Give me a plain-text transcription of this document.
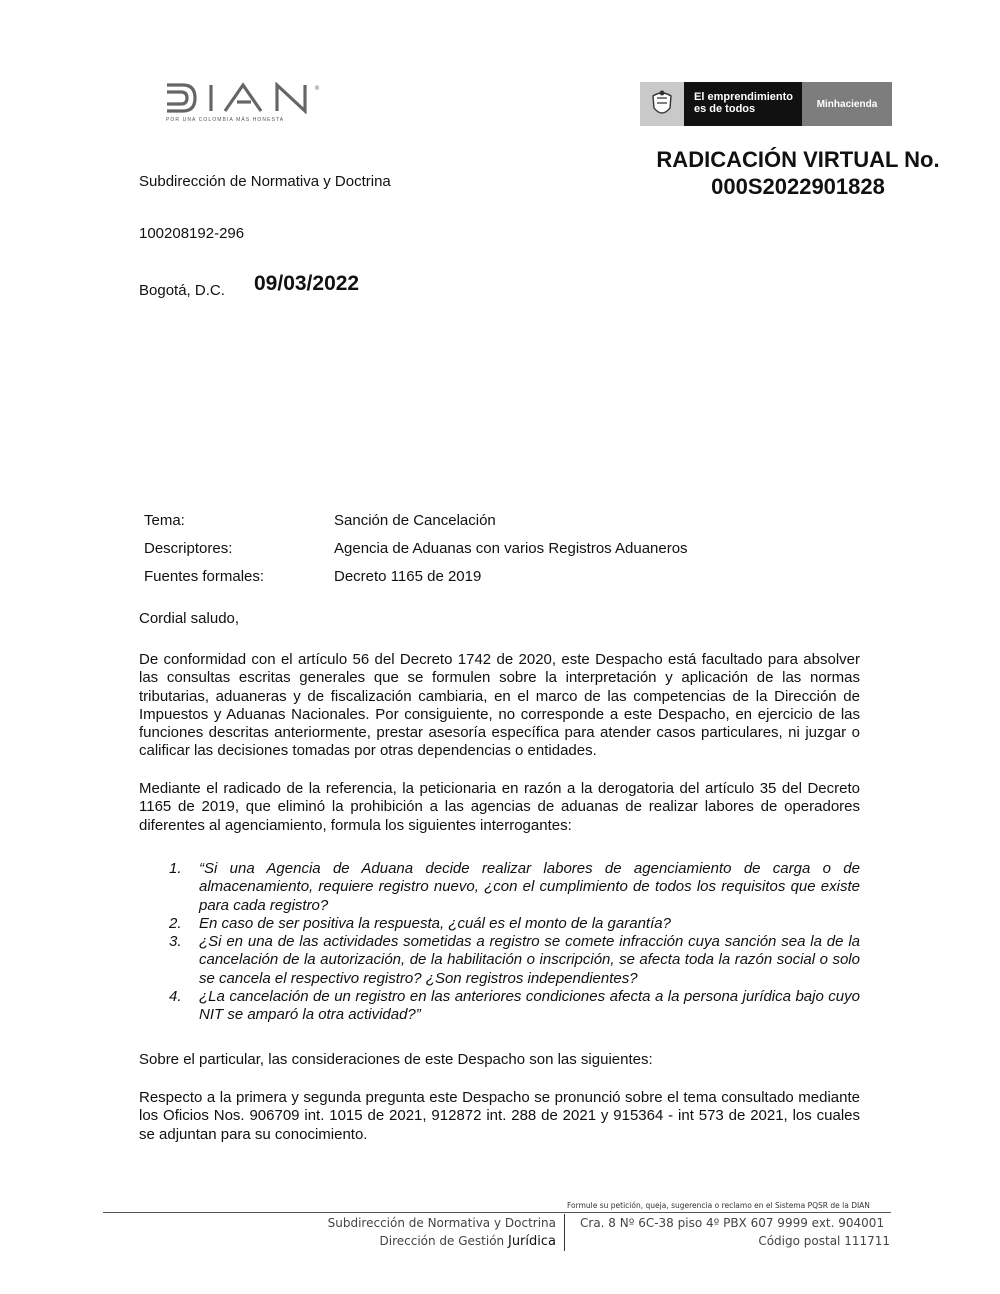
®
POR UNA COLOMBIA MÁS HONESTA
El emprendimiento
es de todos	Minhacienda
RADICACIÓN VIRTUAL No.
000S2022901828
Subdirección de Normativa y Doctrina
100208192-296
Bogotá, D.C. 09/03/2022
Tema:	Sanción de Cancelación
Descriptores:	Agencia de Aduanas con varios Registros Aduaneros
Fuentes formales:	Decreto 1165 de 2019
Cordial saludo,
De conformidad con el artículo 56 del Decreto 1742 de 2020, este Despacho está facultado para absolver las consultas escritas generales que se formulen sobre la interpretación y aplicación de las normas tributarias, aduaneras y de fiscalización cambiaria, en el marco de las competencias de la Dirección de Impuestos y Aduanas Nacionales. Por consiguiente, no corresponde a este Despacho, en ejercicio de las funciones descritas anteriormente, prestar asesoría específica para atender casos particulares, ni juzgar o calificar las decisiones tomadas por otras dependencias o entidades.
Mediante el radicado de la referencia, la peticionaria en razón a la derogatoria del artículo 35 del Decreto 1165 de 2019, que eliminó la prohibición a las agencias de aduanas de realizar labores de operadores diferentes al agenciamiento, formula los siguientes interrogantes:
1. “Si una Agencia de Aduana decide realizar labores de agenciamiento de carga o de almacenamiento, requiere registro nuevo, ¿con el cumplimiento de todos los requisitos que existe para cada registro?
2. En caso de ser positiva la respuesta, ¿cuál es el monto de la garantía?
3. ¿Si en una de las actividades sometidas a registro se comete infracción cuya sanción sea la de la cancelación de la autorización, de la habilitación o inscripción, se afecta toda la razón social o solo se cancela el respectivo registro? ¿Son registros independientes?
4. ¿La cancelación de un registro en las anteriores condiciones afecta a la persona jurídica bajo cuyo NIT se amparó la otra actividad?”
Sobre el particular, las consideraciones de este Despacho son las siguientes:
Respecto a la primera y segunda pregunta este Despacho se pronunció sobre el tema consultado mediante los Oficios Nos. 906709 int. 1015 de 2021, 912872 int. 288 de 2021 y 915364 - int 573 de 2021, los cuales se adjuntan para su conocimiento.
Formule su petición, queja, sugerencia o reclamo en el Sistema PQSR de la DIAN
Subdirección de Normativa y Doctrina
Dirección de Gestión Jurídica
Cra. 8 Nº 6C-38 piso 4º PBX 607 9999 ext. 904001
Código postal 111711
